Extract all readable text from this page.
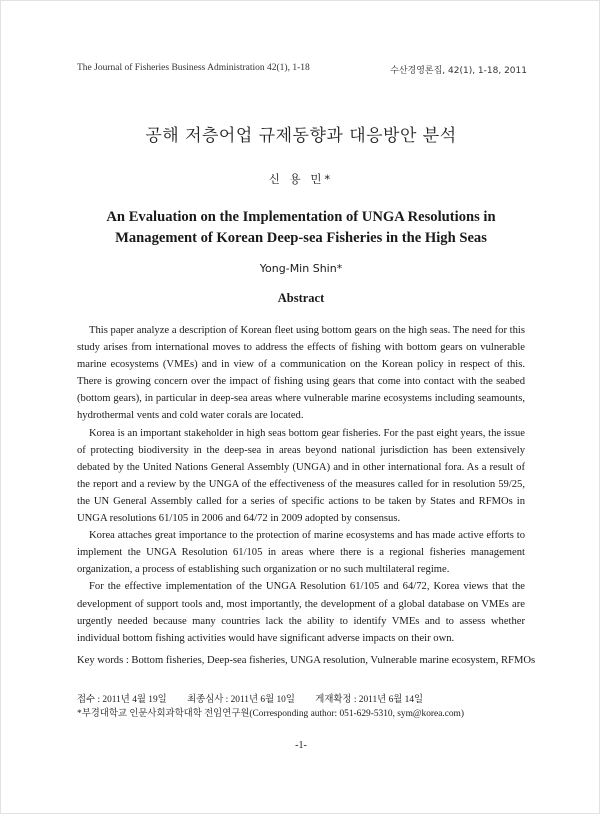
The Journal of Fisheries Business Administration 42(1), 1-18	수산경영론집, 42(1), 1-18, 2011
공해 저층어업 규제동향과 대응방안 분석
신 용 민*
An Evaluation on the Implementation of UNGA Resolutions in
Management of Korean Deep-sea Fisheries in the High Seas
Yong-Min Shin*
Abstract

This paper analyze a description of Korean fleet using bottom gears on the high seas. The need for this study arises from international moves to address the effects of fishing with bottom gears on vulnerable marine ecosystems (VMEs) and in view of a communication on the Korean policy in respect of this. There is growing concern over the impact of fishing using gears that come into contact with the seabed (bottom gears), in particular in deep-sea areas where vulnerable marine ecosystems including seamounts, hydrothermal vents and cold water corals are located.

Korea is an important stakeholder in high seas bottom gear fisheries. For the past eight years, the issue of protecting biodiversity in the deep-sea in areas beyond national jurisdiction has been extensively debated by the United Nations General Assembly (UNGA) and in other international fora. As a result of the report and a review by the UNGA of the effectiveness of the measures called for in resolution 59/25, the UN General Assembly called for a series of specific actions to be taken by States and RFMOs in UNGA resolutions 61/105 in 2006 and 64/72 in 2009 adopted by consensus.

Korea attaches great importance to the protection of marine ecosystems and has made active efforts to implement the UNGA Resolution 61/105 in areas where there is a regional fisheries management organization, a process of establishing such organization or no such multilateral regime.

For the effective implementation of the UNGA Resolution 61/105 and 64/72, Korea views that the development of support tools and, most importantly, the development of a global database on VMEs are urgently needed because many countries lack the ability to identify VMEs and to assess whether individual bottom fishing activities would have significant adverse impacts on their own.

Key words : Bottom fisheries, Deep-sea fisheries, UNGA resolution, Vulnerable marine ecosystem, RFMOs
접수 : 2011년 4월 19일 최종심사 : 2011년 6월 10일 게재확정 : 2011년 6월 14일
*부경대학교 인문사회과학대학 전임연구원(Corresponding author: 051-629-5310, sym@korea.com)
-1-
